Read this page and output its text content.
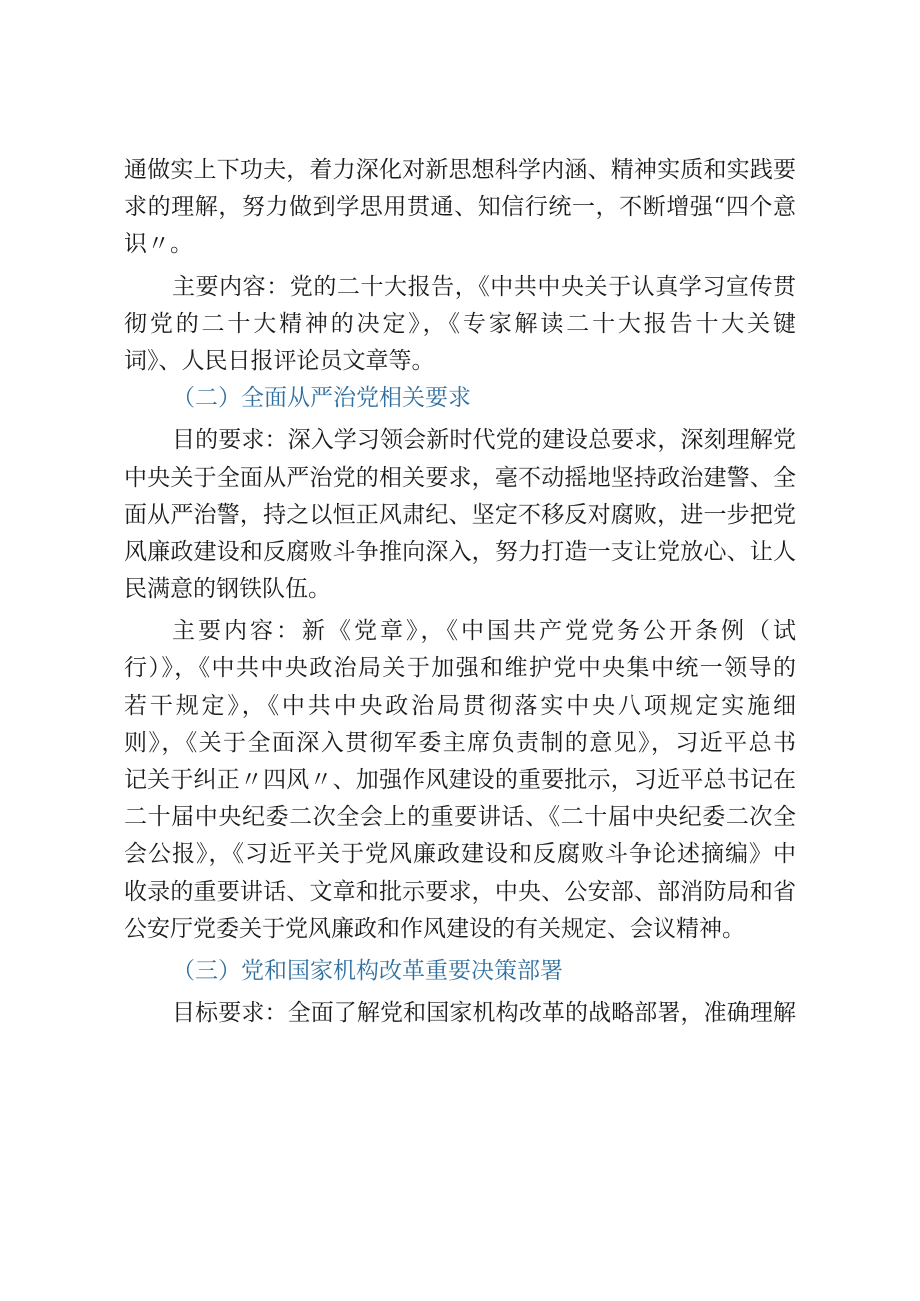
通做实上下功夫，着力深化对新思想科学内涵、精神实质和实践要
求的理解，努力做到学思用贯通、知信行统一，不断增强“四个意
识〃。
主要内容：党的二十大报告，《中共中央关于认真学习宣传贯
彻党的二十大精神的决定》，《专家解读二十大报告十大关键
词》、人民日报评论员文章等。
（二）全面从严治党相关要求
目的要求：深入学习领会新时代党的建设总要求，深刻理解党
中央关于全面从严治党的相关要求，毫不动摇地坚持政治建警、全
面从严治警，持之以恒正风肃纪、坚定不移反对腐败，进一步把党
风廉政建设和反腐败斗争推向深入，努力打造一支让党放心、让人
民满意的钢铁队伍。
主要内容：新《党章》，《中国共产党党务公开条例（试
行）》，《中共中央政治局关于加强和维护党中央集中统一领导的
若干规定》，《中共中央政治局贯彻落实中央八项规定实施细
则》，《关于全面深入贯彻军委主席负责制的意见》，习近平总书
记关于纠正〃四风〃、加强作风建设的重要批示，习近平总书记在
二十届中央纪委二次全会上的重要讲话、《二十届中央纪委二次全
会公报》，《习近平关于党风廉政建设和反腐败斗争论述摘编》中
收录的重要讲话、文章和批示要求，中央、公安部、部消防局和省
公安厅党委关于党风廉政和作风建设的有关规定、会议精神。
（三）党和国家机构改革重要决策部署
目标要求：全面了解党和国家机构改革的战略部署，准确理解
